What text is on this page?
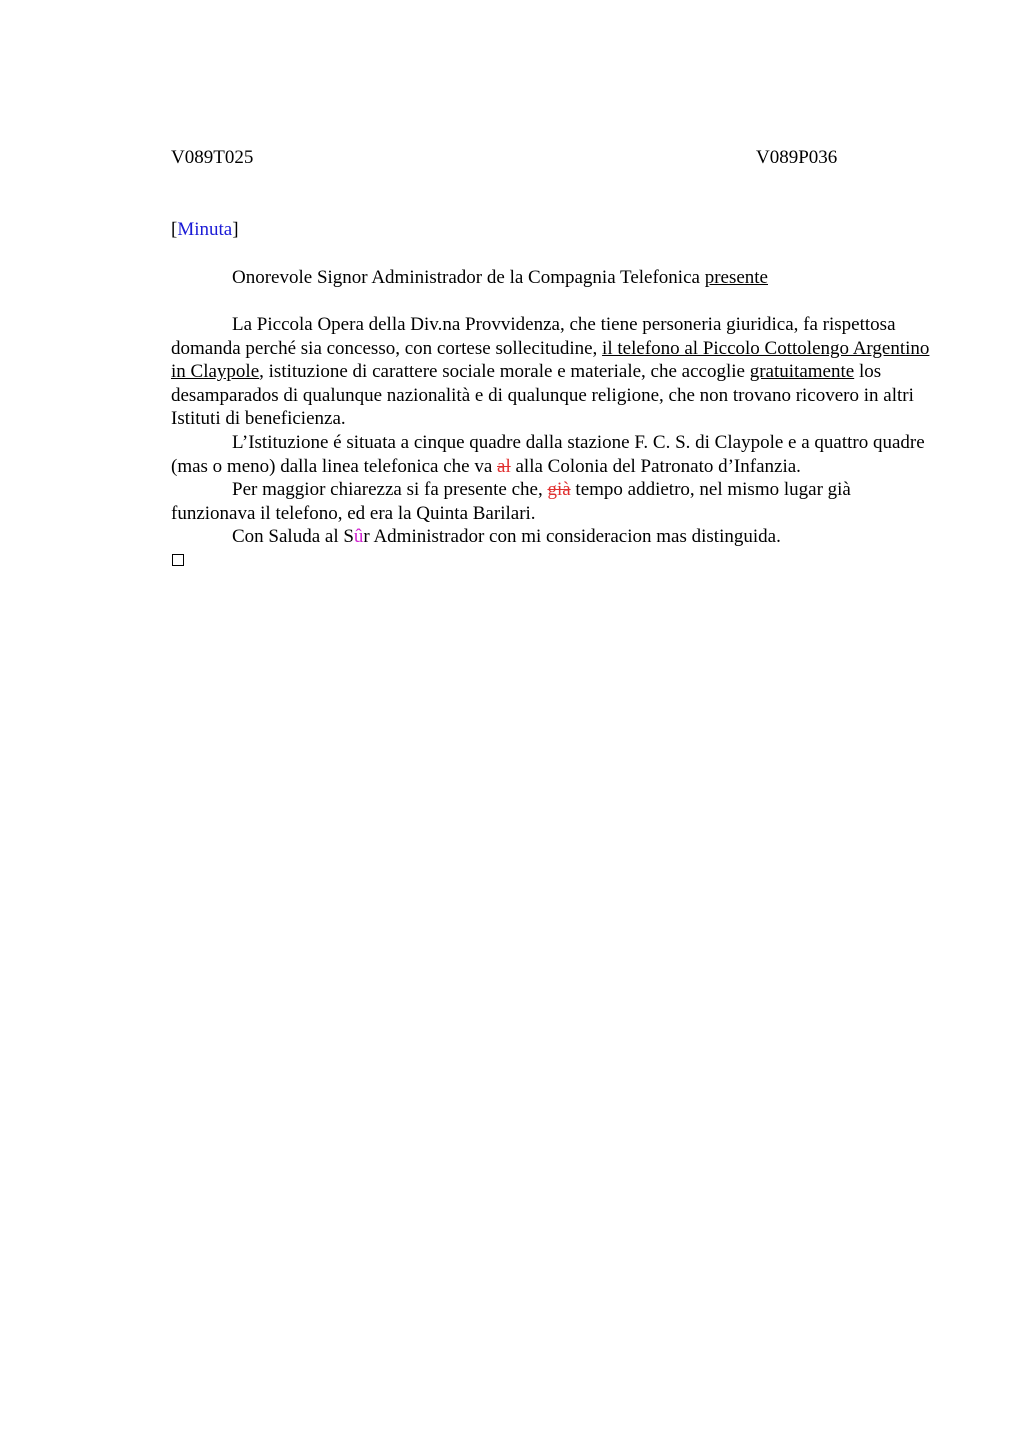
V089T025	V089P036

[Minuta]

Onorevole Signor Administrador de la Compagnia Telefonica presente

La Piccola Opera della Div.na Provvidenza, che tiene personeria giuridica, fa rispettosa domanda perché sia concesso, con cortese sollecitudine, il telefono al Piccolo Cottolengo Argentino in Claypole, istituzione di carattere sociale morale e materiale, che accoglie gratuitamente los desamparados di qualunque nazionalità e di qualunque religione, che non trovano ricovero in altri Istituti di beneficienza.

L’Istituzione é situata a cinque quadre dalla stazione F. C. S. di Claypole e a quattro quadre (mas o meno) dalla linea telefonica che va al alla Colonia del Patronato d’Infanzia.

Per maggior chiarezza si fa presente che, già tempo addietro, nel mismo lugar già funzionava il telefono, ed era la Quinta Barilari.

Con Saluda al Sûr Administrador con mi consideracion mas distinguida.
